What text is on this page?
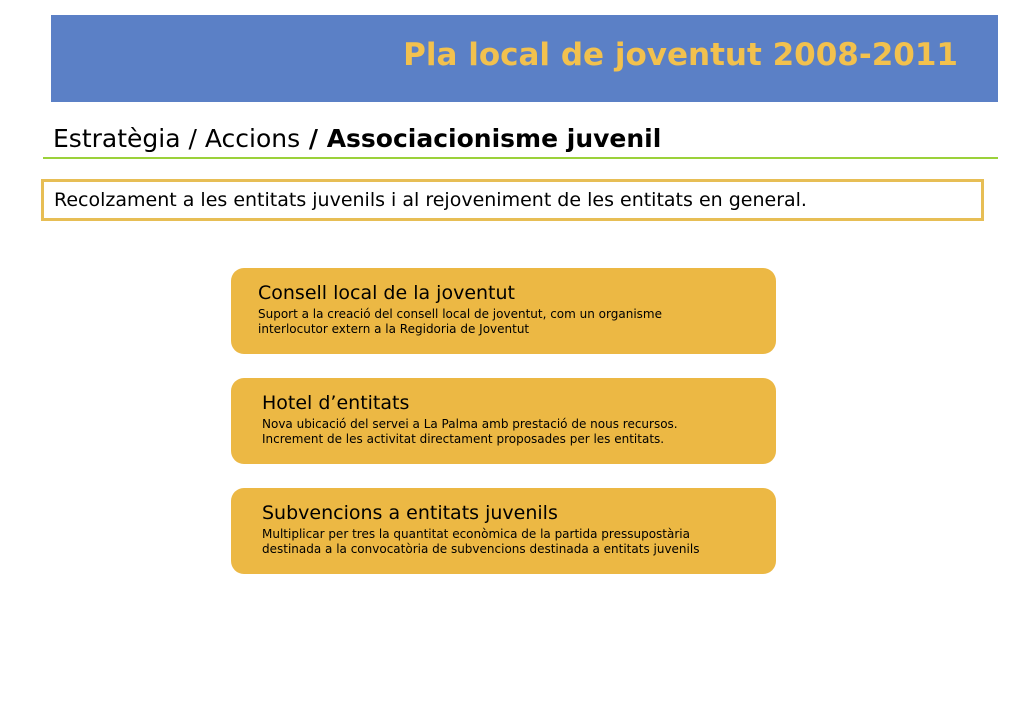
Pla local de joventut 2008-2011
Estratègia / Accions / Associacionisme juvenil
Recolzament a les entitats juvenils i al rejoveniment de les entitats en general.
Consell local de la joventut
Suport a la creació del consell local de joventut, com un organisme
interlocutor extern a la Regidoria de Joventut
Hotel d’entitats
Nova ubicació del servei a La Palma amb prestació de nous recursos.
Increment de les activitat directament proposades per les entitats.
Subvencions a entitats juvenils
Multiplicar per tres la quantitat econòmica de la partida pressupostària
destinada a la convocatòria de subvencions destinada a entitats juvenils
